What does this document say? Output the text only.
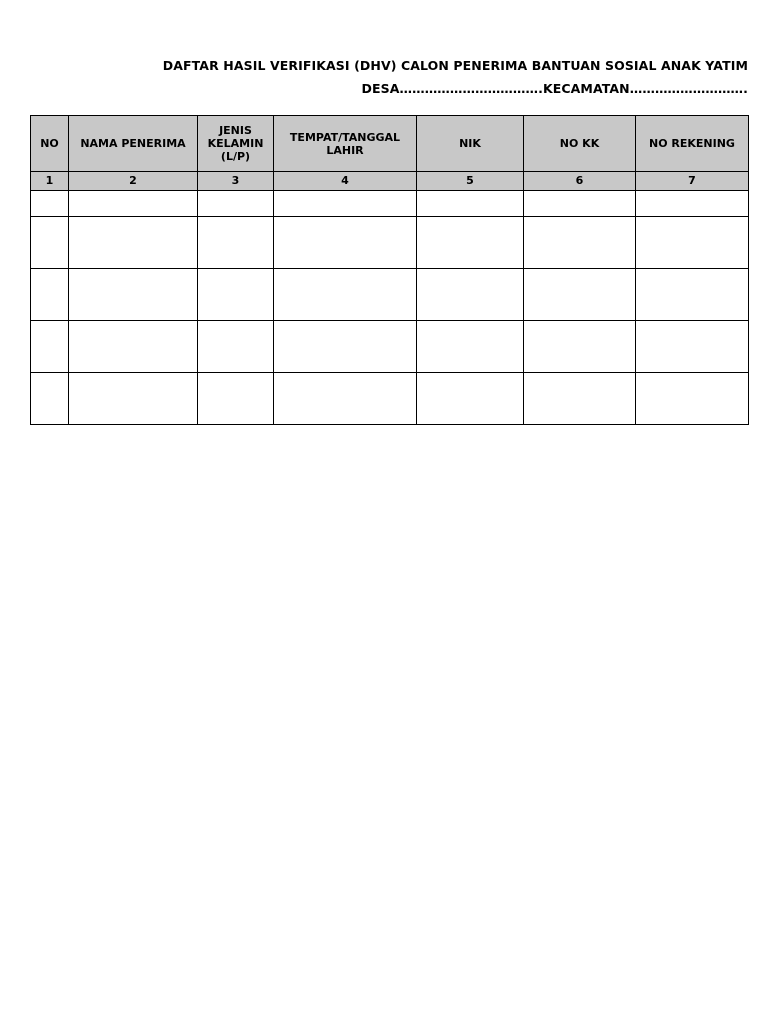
DAFTAR HASIL VERIFIKASI (DHV) CALON PENERIMA BANTUAN SOSIAL ANAK YATIM
DESA…………………………….KECAMATAN……………………….
NO	NAMA PENERIMA	JENIS KELAMIN (L/P)	TEMPAT/TANGGAL LAHIR	NIK	NO KK	NO REKENING
1	2	3	4	5	6	7
